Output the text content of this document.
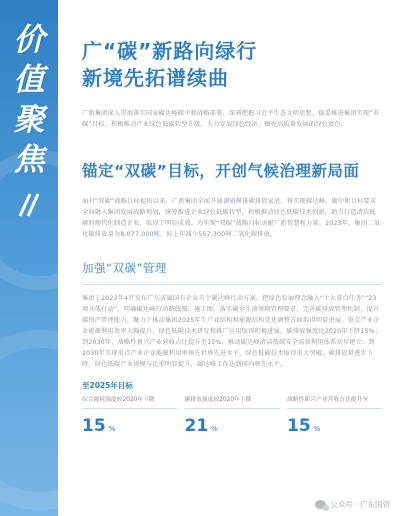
价
值
聚
焦
广“碳”新路向绿行
新境先拓谱续曲

广新集团深入贯彻落实国家碳达峰碳中和战略部署，深刻把握习近平生态文明思想，稳妥推进集团实现“双碳”目标，积极推动产业绿色低碳转型升级，大力发展绿色经济，擦亮高质量发展的绿色底色。

锚定“双碳”目标，开创气候治理新局面

面对“双碳”战略目标提出以来，广新集团全面开展调研摸排碳排放家底，将实现碳达峰、碳中和目标要求全面融入集团发展战略规划，统筹推进企业绿色低碳转型，积极推动绿色低碳技术创新，助力打造清洁低碳的现代化制造企业，取得了明显成效。为实现“双碳”战略目标贡献广新智慧和力量。2023年，集团二氧化碳排放量为8,077,000吨，较上年减少557,300吨二氧化碳排放。

加强“双碳”管理

集团于2023年4月发布广东省属国有企业首个碳达峰行动方案，把绿色发展理念融入“十大重点任务”“23项具体行动”，明确碳达峰行动路线图、施工图，落实碳全生命周期管理要求，完善碳排放管理机制，提升碳资产管理能力，聚力于推动集团2025年生产业结构和能源结构优化调整方面取得明显进展，重点产业企业能源利用效率大幅提升，绿色低碳技术研发和推广应用取得积极进展，碳排放强度比2020年下降15%；到2030年，战略性新兴产业营收占比提升至15%，推动碳达峰清洁低碳安全高效利用体系初步建立；到2030年实现重点产业企业能源利用率领先世界先进水平，绿色低碳技术取得重大突破，碳排放量逐步下降，绿色低碳产业规模与比重明显提升，碳达峰工作达到国内领先水平。

至2025年目标
综合能耗强度较2020年下降
15 %
碳排放强度较2020年下降
21 %
战略性新兴产业营收占比提升至
15 %
公众号 · 广东国资
